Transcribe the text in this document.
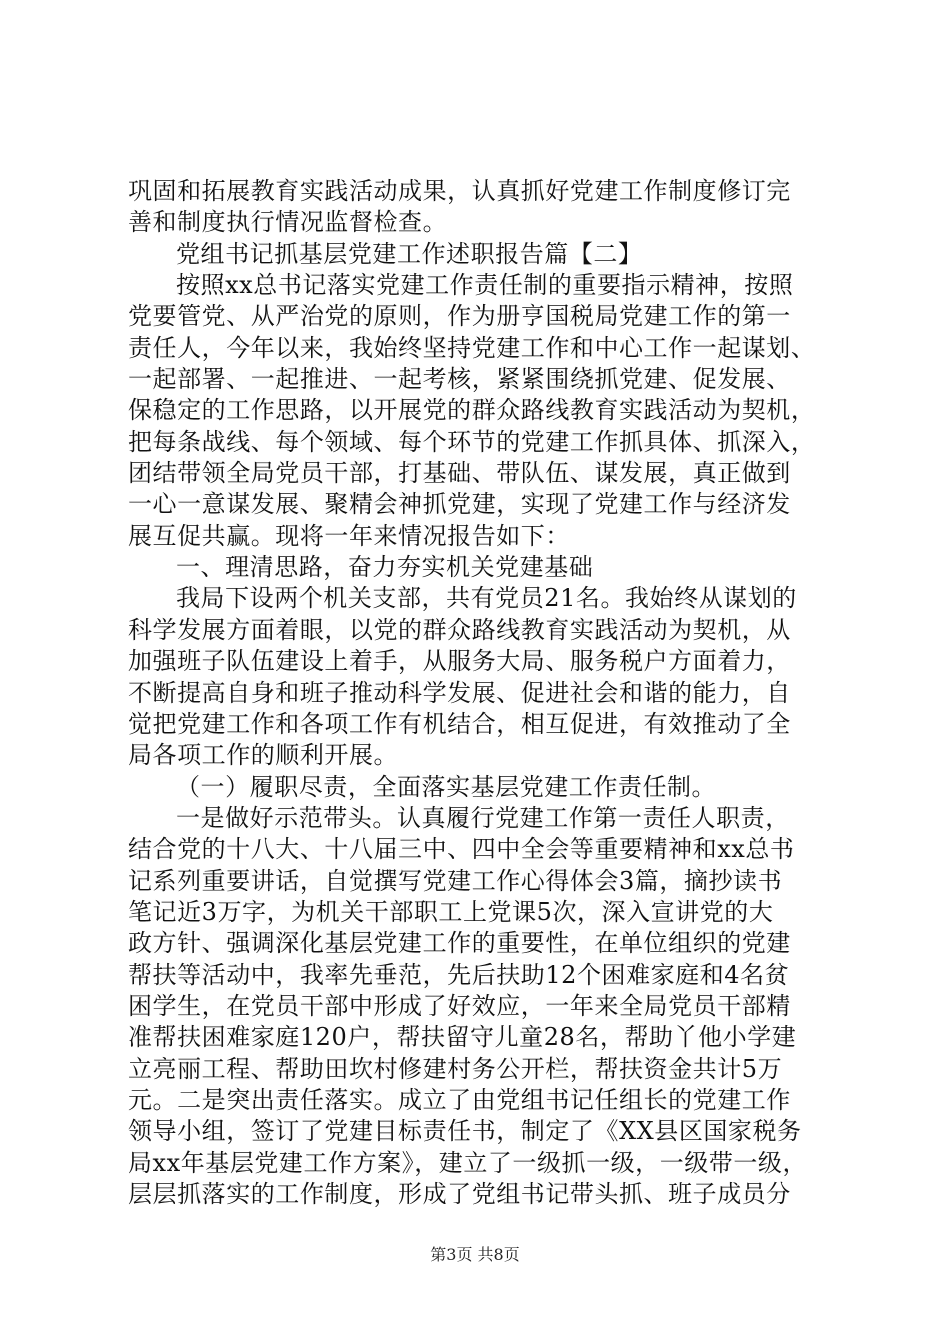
巩固和拓展教育实践活动成果，认真抓好党建工作制度修订完
善和制度执行情况监督检查。
党组书记抓基层党建工作述职报告篇【二】
按照xx总书记落实党建工作责任制的重要指示精神，按照
党要管党、从严治党的原则，作为册亨国税局党建工作的第一
责任人，今年以来，我始终坚持党建工作和中心工作一起谋划、
一起部署、一起推进、一起考核，紧紧围绕抓党建、促发展、
保稳定的工作思路，以开展党的群众路线教育实践活动为契机，
把每条战线、每个领域、每个环节的党建工作抓具体、抓深入，
团结带领全局党员干部，打基础、带队伍、谋发展，真正做到
一心一意谋发展、聚精会神抓党建，实现了党建工作与经济发
展互促共赢。现将一年来情况报告如下：
一、理清思路，奋力夯实机关党建基础
我局下设两个机关支部，共有党员21名。我始终从谋划的
科学发展方面着眼，以党的群众路线教育实践活动为契机，从
加强班子队伍建设上着手，从服务大局、服务税户方面着力，
不断提高自身和班子推动科学发展、促进社会和谐的能力，自
觉把党建工作和各项工作有机结合，相互促进，有效推动了全
局各项工作的顺利开展。
（一）履职尽责，全面落实基层党建工作责任制。
一是做好示范带头。认真履行党建工作第一责任人职责，
结合党的十八大、十八届三中、四中全会等重要精神和xx总书
记系列重要讲话，自觉撰写党建工作心得体会3篇，摘抄读书
笔记近3万字，为机关干部职工上党课5次，深入宣讲党的大
政方针、强调深化基层党建工作的重要性，在单位组织的党建
帮扶等活动中，我率先垂范，先后扶助12个困难家庭和4名贫
困学生，在党员干部中形成了好效应，一年来全局党员干部精
准帮扶困难家庭120户，帮扶留守儿童28名，帮助丫他小学建
立亮丽工程、帮助田坎村修建村务公开栏，帮扶资金共计5万
元。二是突出责任落实。成立了由党组书记任组长的党建工作
领导小组，签订了党建目标责任书，制定了《XX县区国家税务
局xx年基层党建工作方案》，建立了一级抓一级，一级带一级，
层层抓落实的工作制度，形成了党组书记带头抓、班子成员分
第3页 共8页
